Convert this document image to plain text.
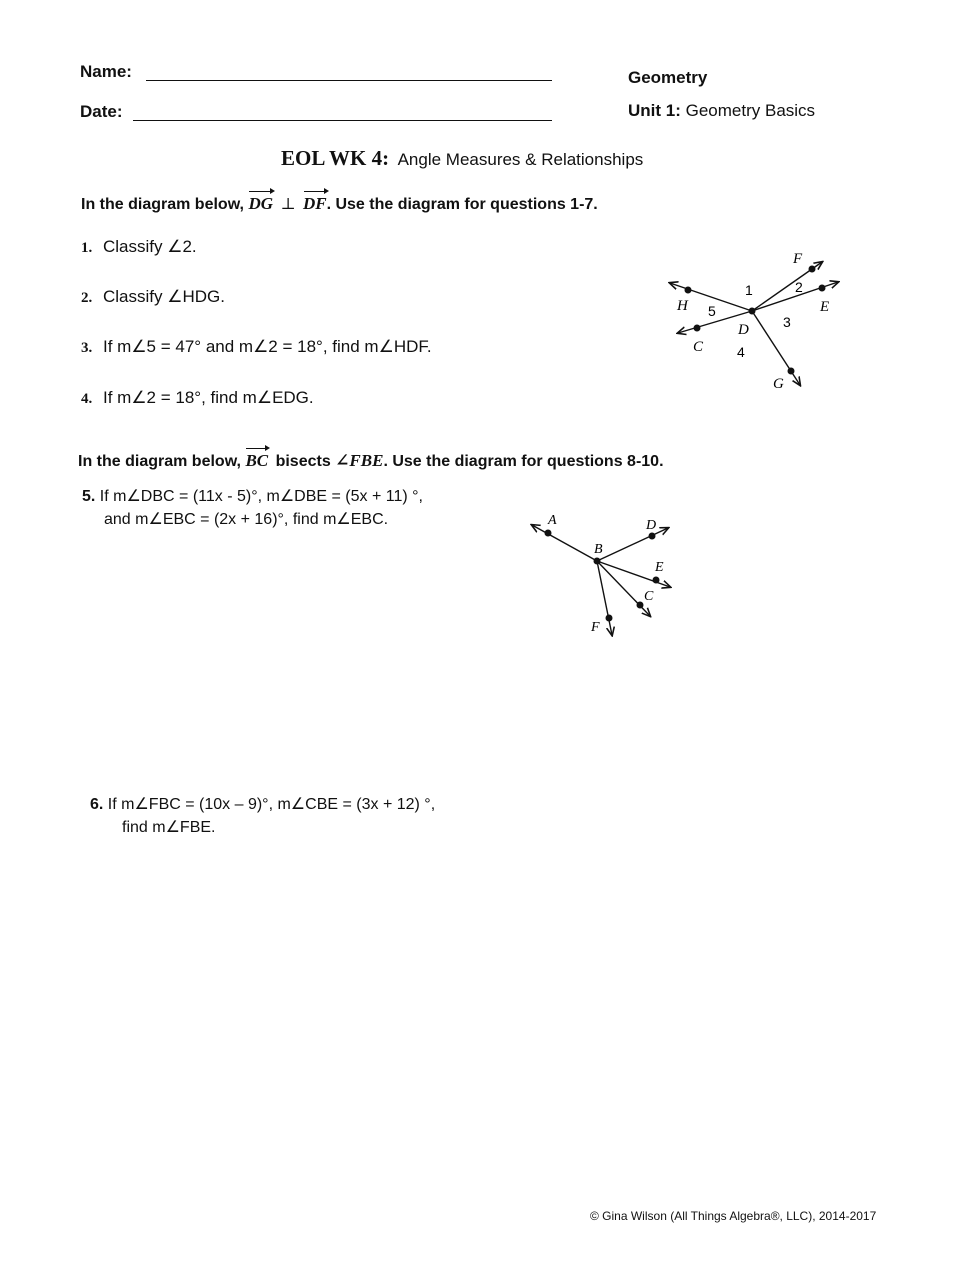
Name:
Date:
Geometry
Unit 1: Geometry Basics
EOL WK 4: Angle Measures & Relationships
In the diagram below, DG ⊥ DF. Use the diagram for questions 1-7.
1. Classify ∠2.
2. Classify ∠HDG.
3. If m∠5 = 47° and m∠2 = 18°, find m∠HDF.
4. If m∠2 = 18°, find m∠EDG.
F
E
H
D
C
G
1	2
3
4
5
In the diagram below, BC bisects ∠FBE. Use the diagram for questions 8-10.
5. If m∠DBC = (11x - 5)°, m∠DBE = (5x + 11) °,
and m∠EBC = (2x + 16)°, find m∠EBC.	A
B
D
E
C
F
6. If m∠FBC = (10x – 9)°, m∠CBE = (3x + 12) °,
find m∠FBE.
© Gina Wilson (All Things Algebra®, LLC), 2014-2017
